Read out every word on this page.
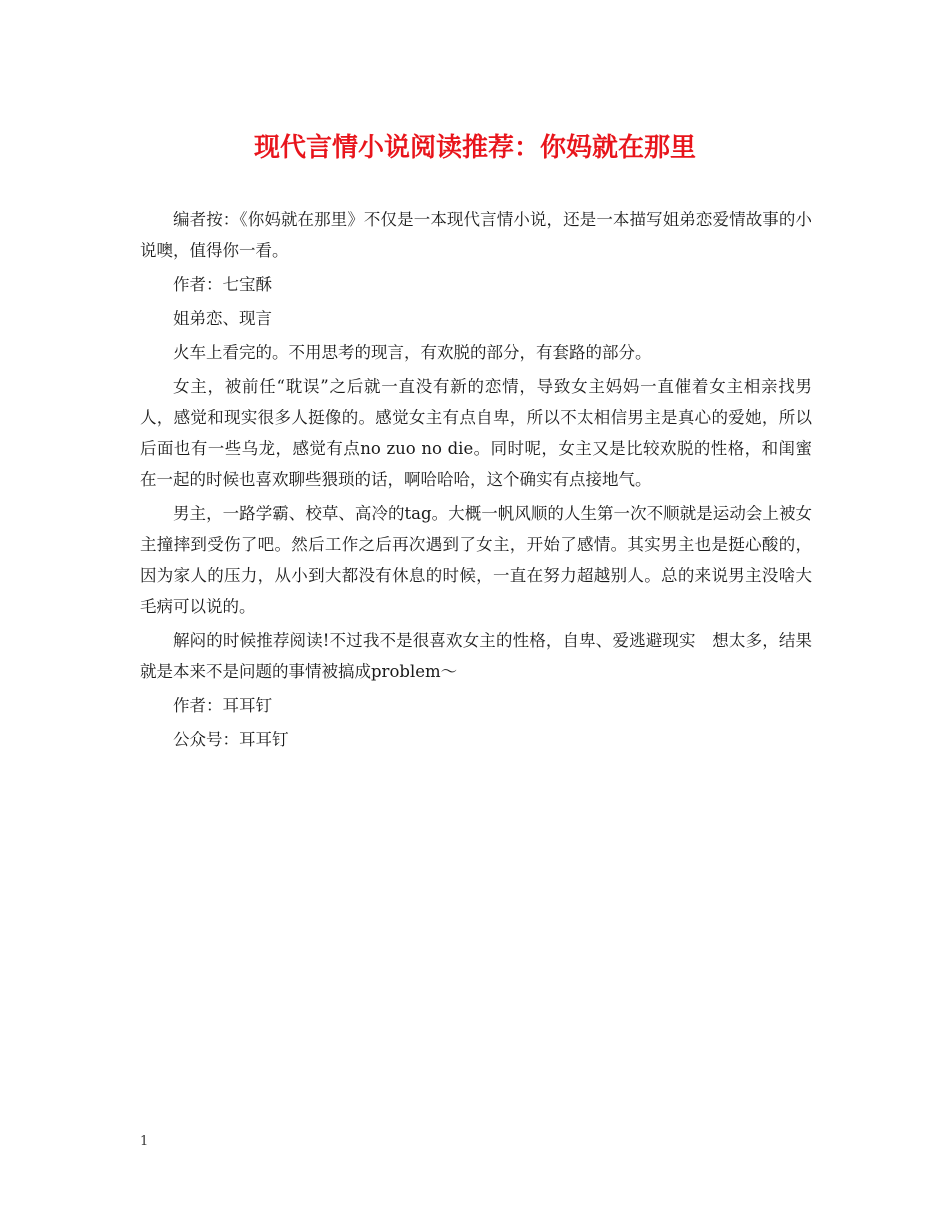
现代言情小说阅读推荐：你妈就在那里

编者按：《你妈就在那里》不仅是一本现代言情小说，还是一本描写姐弟恋爱情故事的小说噢，值得你一看。

作者：七宝酥

姐弟恋、现言

火车上看完的。不用思考的现言，有欢脱的部分，有套路的部分。

女主，被前任“耽误”之后就一直没有新的恋情，导致女主妈妈一直催着女主相亲找男人，感觉和现实很多人挺像的。感觉女主有点自卑，所以不太相信男主是真心的爱她，所以后面也有一些乌龙，感觉有点no zuo no die。同时呢，女主又是比较欢脱的性格，和闺蜜在一起的时候也喜欢聊些猥琐的话，啊哈哈哈，这个确实有点接地气。

男主，一路学霸、校草、高冷的tag。大概一帆风顺的人生第一次不顺就是运动会上被女主撞摔到受伤了吧。然后工作之后再次遇到了女主，开始了感情。其实男主也是挺心酸的，因为家人的压力，从小到大都没有休息的时候，一直在努力超越别人。总的来说男主没啥大毛病可以说的。

解闷的时候推荐阅读!不过我不是很喜欢女主的性格，自卑、爱逃避现实　想太多，结果就是本来不是问题的事情被搞成problem～

作者：耳耳钉

公众号：耳耳钉

1
